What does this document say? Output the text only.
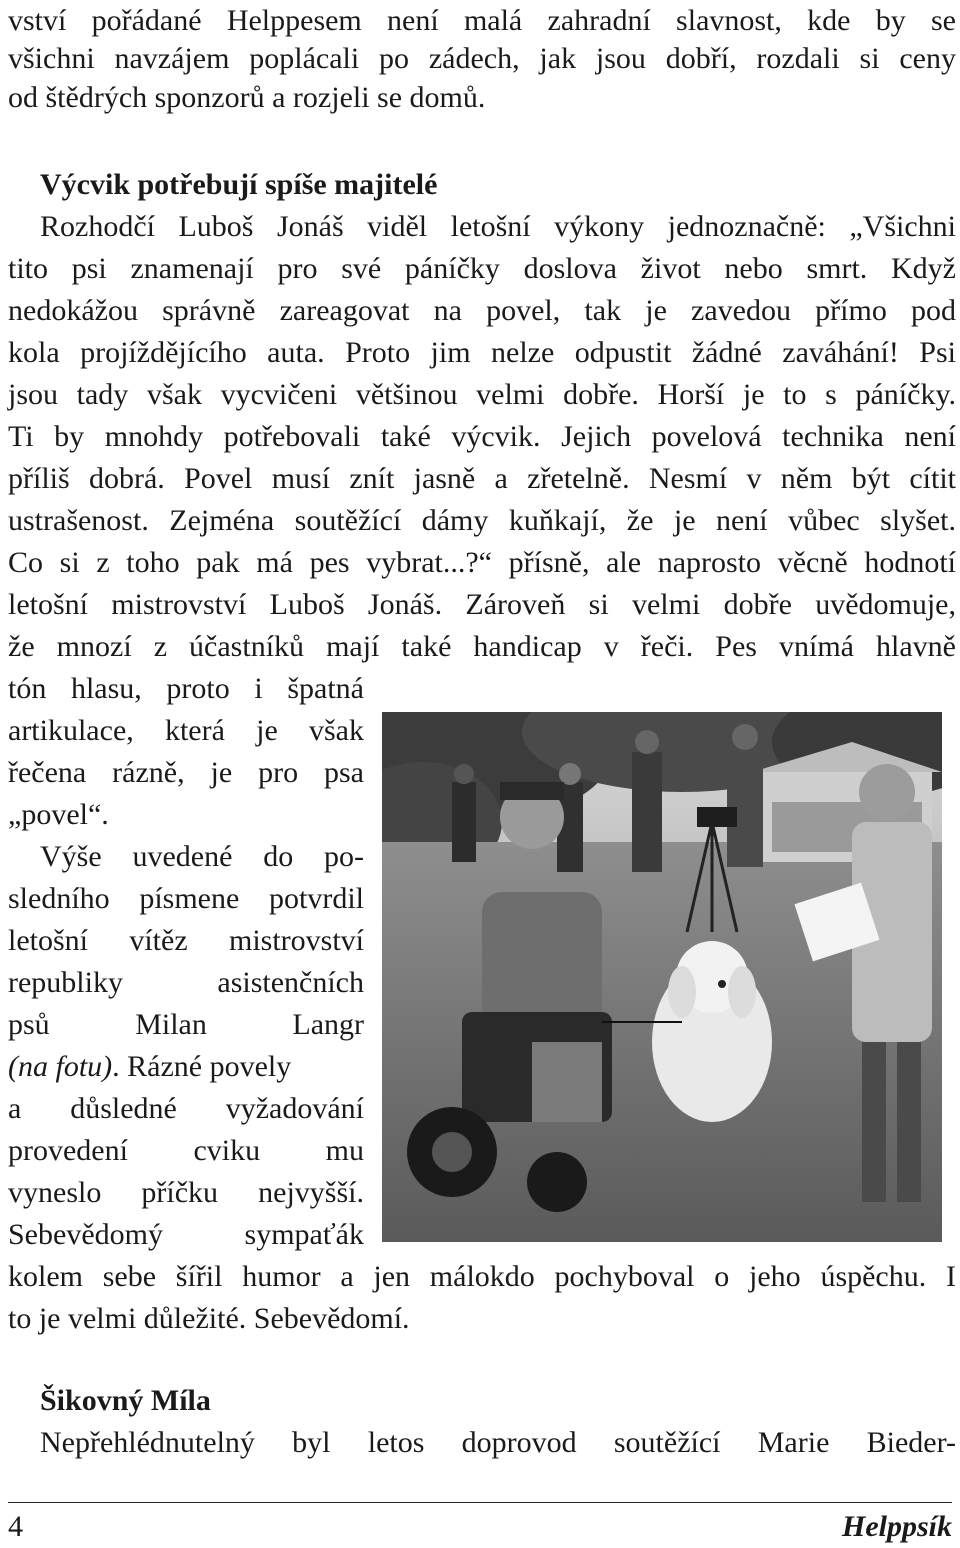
vství pořádané Helppesem není malá zahradní slavnost, kde by se
všichni navzájem poplácali po zádech, jak jsou dobří, rozdali si ceny
od štědrých sponzorů a rozjeli se domů.
Výcvik potřebují spíše majitelé
Rozhodčí Luboš Jonáš viděl letošní výkony jednoznačně: „Všichni
tito psi znamenají pro své páníčky doslova život nebo smrt. Když
nedokážou správně zareagovat na povel, tak je zavedou přímo pod
kola projíždějícího auta. Proto jim nelze odpustit žádné zaváhání! Psi
jsou tady však vycvičeni většinou velmi dobře. Horší je to s páníčky.
Ti by mnohdy potřebovali také výcvik. Jejich povelová technika není
příliš dobrá. Povel musí znít jasně a zřetelně. Nesmí v něm být cítit
ustrašenost. Zejména soutěžící dámy kuňkají, že je není vůbec slyšet.
Co si z toho pak má pes vybrat...?“ přísně, ale naprosto věcně hodnotí
letošní mistrovství Luboš Jonáš. Zároveň si velmi dobře uvědomuje,
že mnozí z účastníků mají také handicap v řeči. Pes vnímá hlavně
tón hlasu, proto i špatná
artikulace, která je však
řečena rázně, je pro psa
„povel“.
Výše uvedené do po-
sledního písmene potvrdil
letošní vítěz mistrovství
republiky asistenčních
psů Milan Langr
(na fotu). Rázné povely
a důsledné vyžadování
provedení cviku mu
vyneslo příčku nejvyšší.
Sebevědomý sympaťák
kolem sebe šířil humor a jen málokdo pochyboval o jeho úspěchu. I
to je velmi důležité. Sebevědomí.
Šikovný Míla
Nepřehlédnutelný byl letos doprovod soutěžící Marie Bieder-
4	Helppsík
